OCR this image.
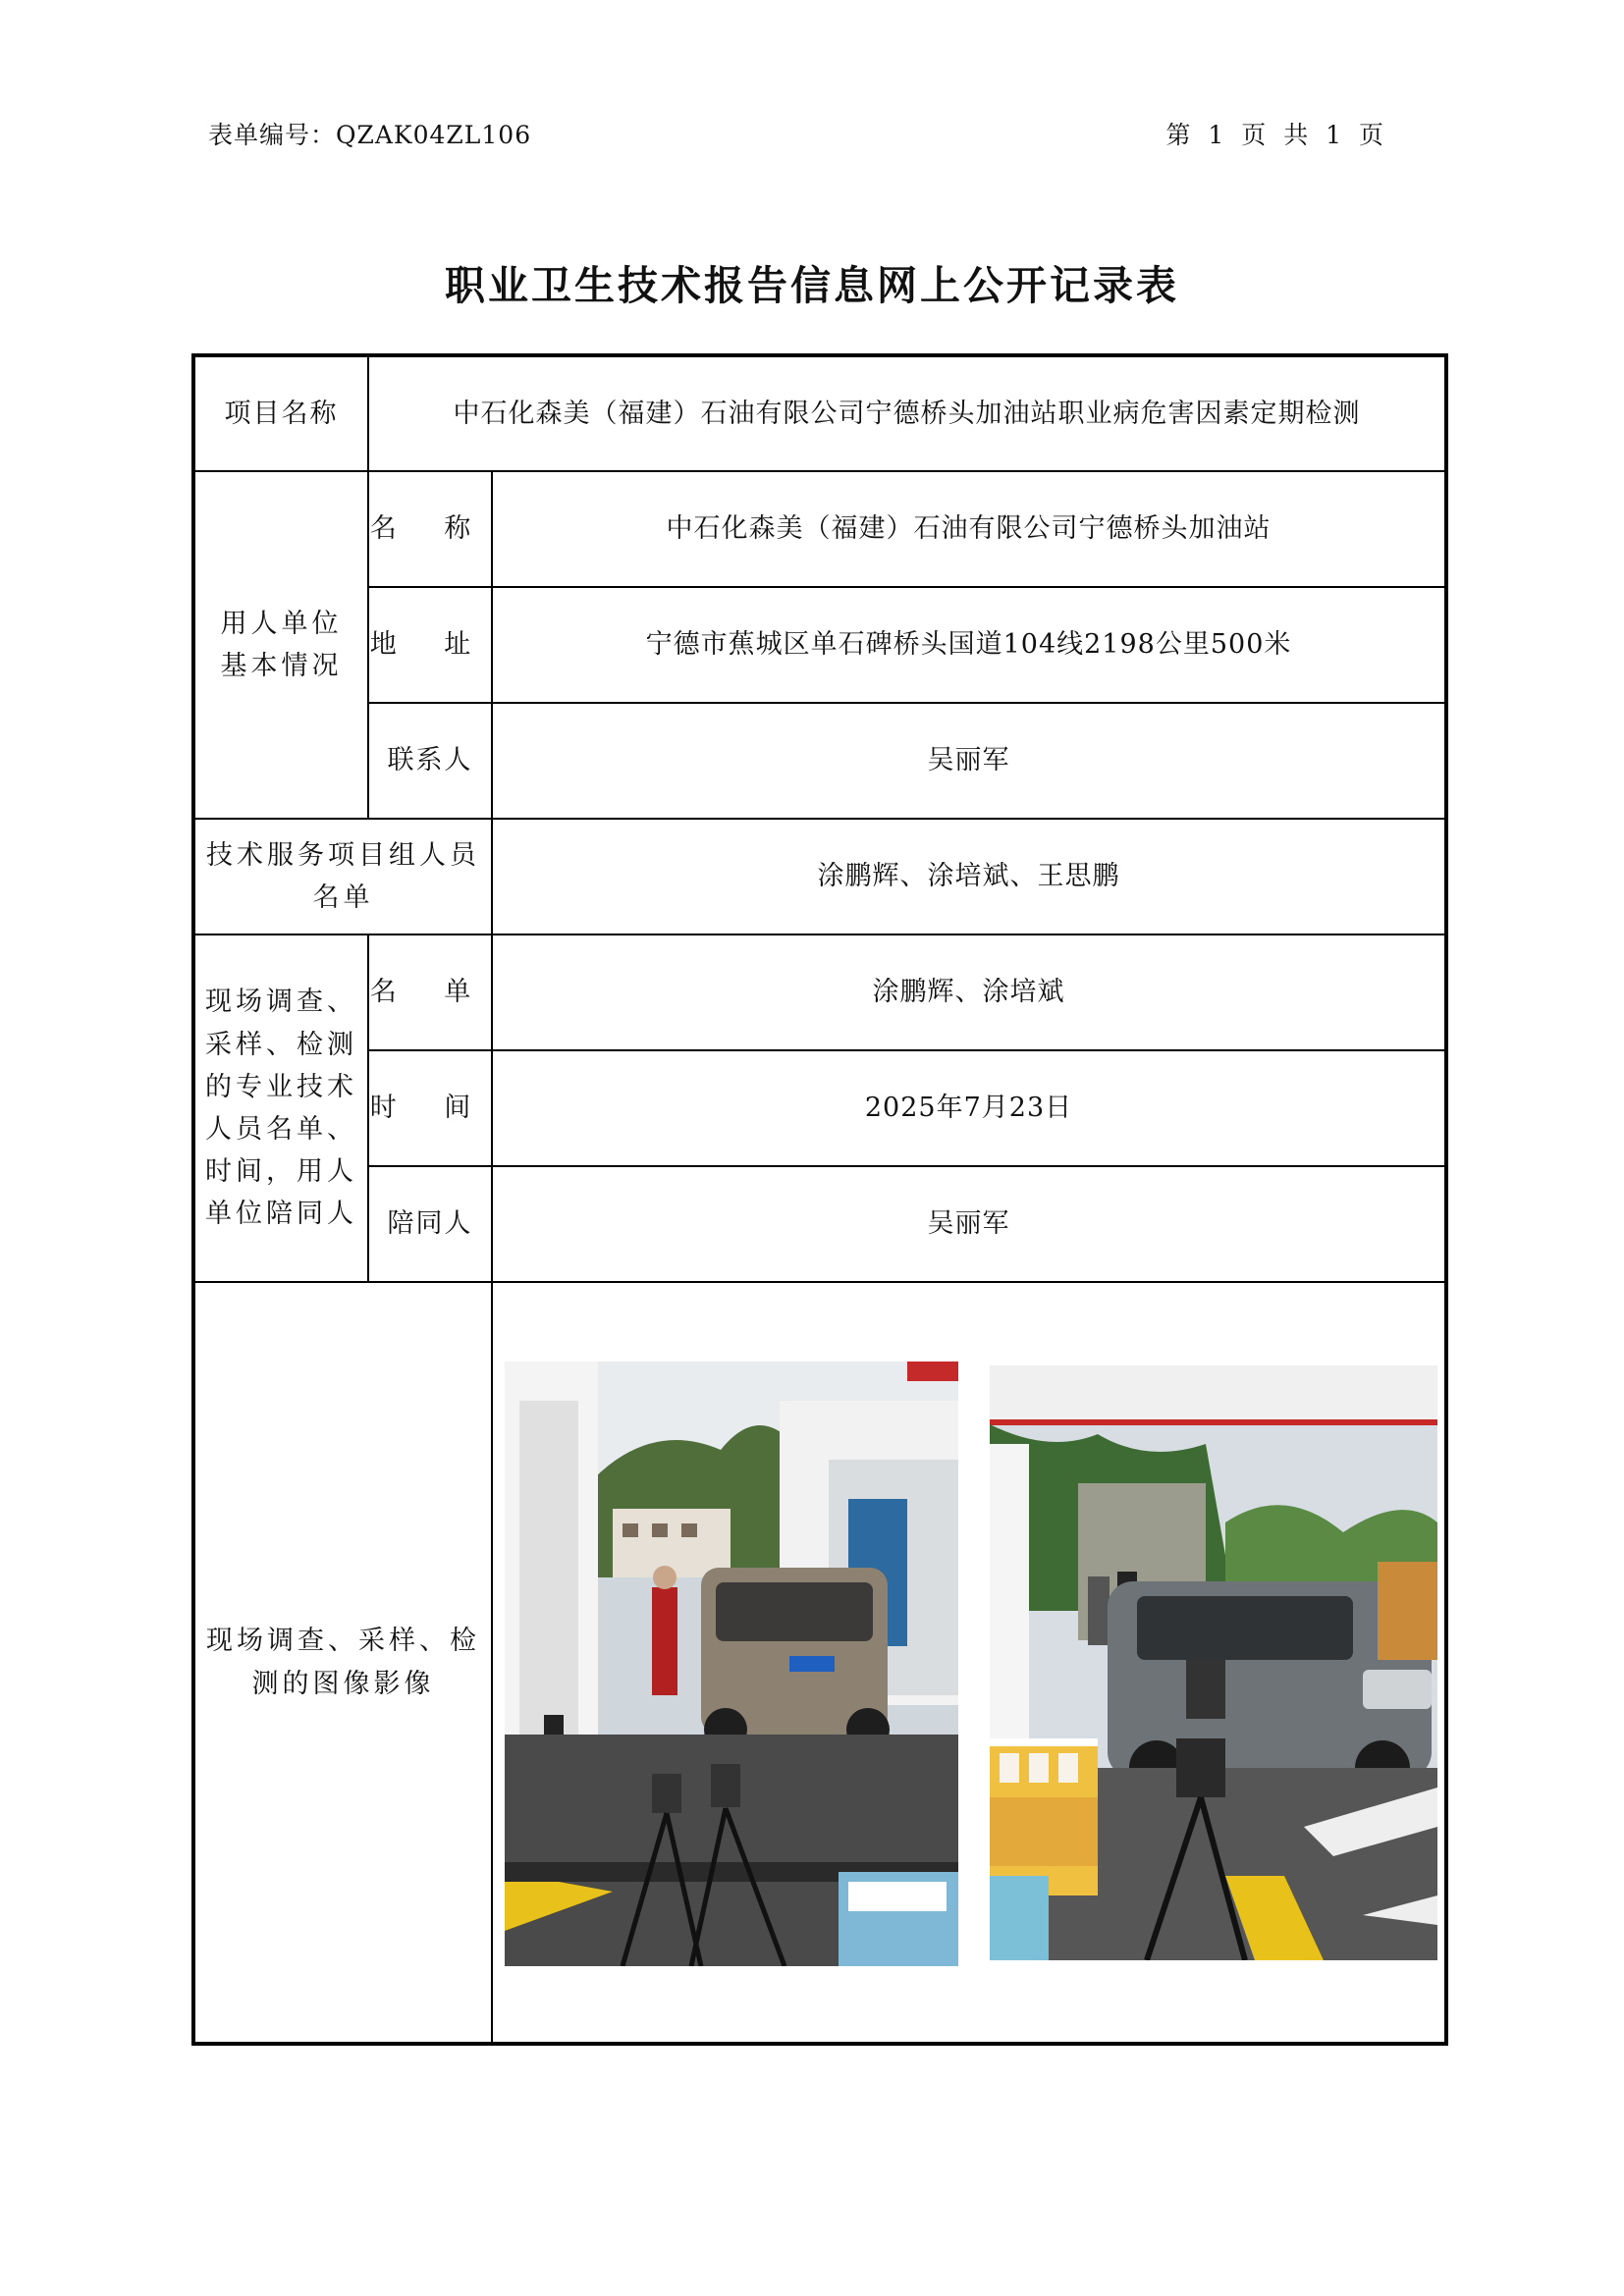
表单编号：QZAK04ZL106	第 1 页 共 1 页
职业卫生技术报告信息网上公开记录表
项目名称	中石化森美（福建）石油有限公司宁德桥头加油站职业病危害因素定期检测	
用人单位
基本情况	名 称	中石化森美（福建）石油有限公司宁德桥头加油站
	地 址	宁德市蕉城区单石碑桥头国道104线2198公里500米
	联系人	吴丽军
技术服务项目组人员名单		涂鹏辉、涂培斌、王思鹏
现场调查、采样、检测的专业技术人员名单、时间，用人单位陪同人	名 单	涂鹏辉、涂培斌
	时 间	2025年7月23日
	陪同人	吴丽军
现场调查、采样、检测的图像影像	
